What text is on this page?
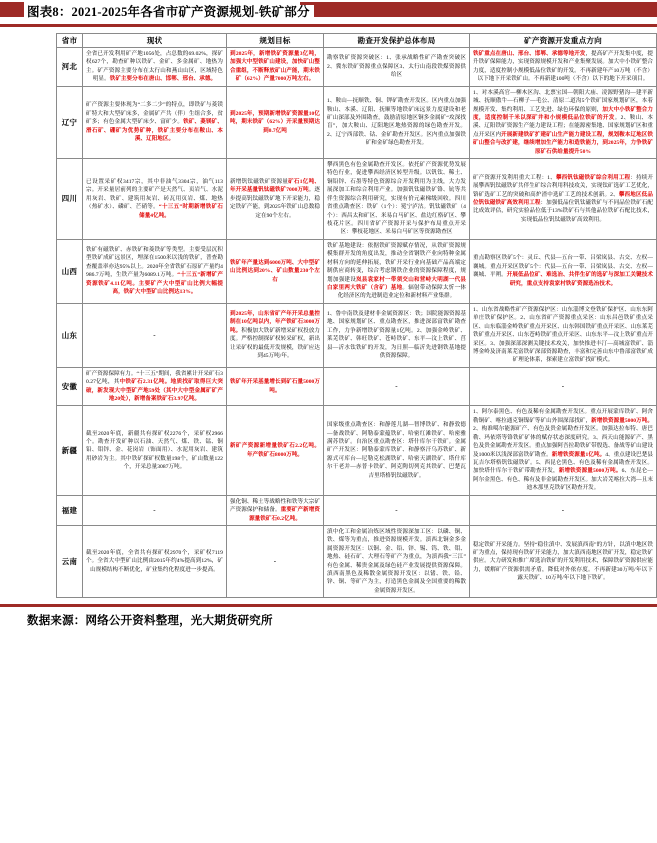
图表8：2021-2025年各省市矿产资源规划-铁矿部分
省市	现状	规划目标	勘查开发保护总体布局	矿产资源开发重点方向
河北	全省已开发利用矿产地1056处，占总数的69.02%，探矿权627个，勘查矿种以铁矿、金矿、多金属矿、地热为主。矿产资源主要分布在太行山和燕山山区，区域特色明显。铁矿主要分布在唐山、邯郸、邢台、承德。	到2025年，新增铁矿资源量3亿吨，加强大中型铁矿山建设，加快矿山整合重组，不断释放矿山产能，期末铁矿（62%）产量7000万吨左右。	勘察铁矿资源突破区：1、张承战略性矿产勘查突破区2、冀东铁矿资源重点保障区3、太行山南段铁煤资源供给区	铁矿重点在唐山、邢台、邯郸、承德等地开发，提高矿产开发集中度，提升铁矿保障能力，实现资源规模开发和产业集聚发展。加大中小铁矿整合力度，适度控制小规模低品位铁矿的开发。不再新建年产10万吨（不含）以下地下开采铁矿山。不再新建100吨（不含）以下的地下开采项目。
辽宁	矿产资源主要体现为“二多二少”的特点，即铁矿与菱镁矿特大和大型矿床多，金属矿产共（伴）生组合多，贫矿多；有色金属大型矿床少、富矿少。铁矿、菱镁矿、滑石矿、硼矿为优势矿种，铁矿主要分布在鞍山、本溪、辽阳地区。	到2025年，预期新增铁矿资源量10亿吨，期末铁矿（62%）开采量预期达到0.7亿吨	1、鞍山—抚顺铁、铜、钾矿勘查开发区。区内重点加强鞍山、本溪、辽阳、抚顺等地铁矿床远景力度建设和老矿山深部及外围勘查，鼓励清原地区铜多金属矿“攻深找盲”，加大鞍山、辽阳地区地热资源的绿色勘查开发。2、辽宁西部铁、钴、金矿勘查开发区。区内重点加强铁矿和金矿绿色勘查开发。	1、对本溪高官—柳木区沟、北票宝国—朝阳大庙、凌源野猪沟—建平新城、抚顺傲牛—石柳子—毛公、清原二道沟5个铁矿国家规划矿区，本着规模开发、集约利用、工艺先进、绿色环保的原则，加大中小铁矿整合力度，适度控制千米以深矿井和小规模低品位铁矿的开发。2、鞍山、本溪、辽阳铁矿资源生产能力建设工程；在能源密集地、国家规划矿区和重点开采区内开展新建铁矿扩建矿山生产能力建设工程，规划鞍本辽地区铁矿山整合与改扩建，继续增加生产能力和造铁能力，到2025年，力争铁矿原矿石供给量提升50%
四川	已设置采矿权3417宗，其中非油气3304宗，油气113宗。开采量居前列的主要矿产是天然气、页岩气、水泥用灰岩、铁矿、建筑用灰岩、砖瓦用页岩、煤、地热（热矿水）、磷矿、芒硝等。“十三五”时期新增铁矿石储量4亿吨。	新增钒钛磁铁矿资源量矿石1亿吨、年开采基量钒钛磁铁矿7000万吨。逐步提高钒钛磁铁矿地下开采能力，稳定铁矿产能，到2025年铁矿山总数稳定在90个左右。	攀西黑色有色金属勘查开发区。依托矿产资源优势发展特色行业，促进攀西经济区转型升级。以钒钛、稀土、铜铅锌、石墨等特色资源综合开发利用为主线，大力发展深加工和综合利用产业。加强钒钛磁铁矿铬、钪等共伴生资源综合利用研究，实现有价元素梯级回收。四川省重点勘查区：铁矿（1个）：冕宁泸沽。钒钛磁铁矿（4个）：西昌太和矿区、米易白马矿区、盐边红格矿区、攀枝花片区。四川省矿产资源开采与保护布局重点开采区：攀枝花地区、米易白马矿区等资源勘查区	矿产资源开发利用重大工程：1、攀西钒钛磁铁矿综合利用工程：持续开展攀西钒钛磁铁矿共伴生矿综合利用科技攻关，实现钛矿选矿工艺优化，铬矿选矿工艺的突破和高炉渣中选矿工艺的技术创新。2、攀西地区低品位钒钛磁铁矿高效利用工程：加强低品位钒钛磁铁矿与不同品位铁矿石配比成效评估，研究实验品位低于13%铁矿石与其他品位铁矿石配比技术，实现低品位钒钛磁铁矿高效利用。
山西	铁矿有磁铁矿、赤铁矿和菱铁矿等类型。主要受层沉积型铁矿成矿远景区，埋深在1500米以浅的铁矿，普查勘查覆盖率亦达95%以上。2020年全省铁矿石原矿产量约4986.7万吨，生铁产量为6089.1万吨。“十三五”新增矿产资源铁矿4.11亿吨。主要矿产大中型矿山比例大幅提高，铁矿大中型矿山比例达13%。	铁矿年产量达到6000万吨、大中型矿山比例达到20%、矿山数量230个左右	铁矿基地建设：依据铁矿资源赋存情况，从铁矿资源规模集群开发的角度出发，推动全省钢铁产业向特种金属材料方向的延伸拓展，铁矿开采行业向基础产品高端定制供应商转变，综合考虑钢铁企业的资源保障程度，规划加强建设岚县袁家村一带须交山和营峙大明湖一代县白家里两大铁矿（含矿）基地。辐射带动保障太忻一体化经济区的先进制造业定位和新材料产业集群。	重点勘察区铁矿5个：灵丘、代县—五台一带、吕梁岚县、古交、左权—襄城。重点开采区铁矿5个：代县—五台一带、吕梁岚县、古交、左权—襄城、平朔。开展低品位矿、难选冶、共伴生矿的选矿与深加工关键技术研究，重点支持袁家村铁矿资源选冶技术。
山东	-	到2025年，山东省矿产年开采总量控制在10亿吨以内，年产铁矿石3000万吨。积极加大铁矿新增采矿权投放力度。严格控制探矿权转采矿权，新出让采矿权的最低开发规模，铁矿应达到45万吨/年。	1、鲁中南铁及建材非金属资源区：铁；国院能源资源基地、国家规划矿区、重点勘查区，推进深部富铁矿勘查工作，力争新增铁矿资源量1亿吨。2、加强金岭铁矿、莱芜铁矿、韩旺铁矿、苍峙铁矿、东平—汶上铁矿、莒县—沂水钛铁矿的开发，为日照—临沂先进钢铁基地提供资源保障。	1、山东省战略性矿产资源保护区：山东淄博文登铁矿保护区、山东东阿单庄铁矿保护区。2、山东省矿产资源重点采区：山东昌邑铁矿重点采区、山东临淄金岭铁矿重点开采区、山东韩国铁矿重点开采区、山东莱芜铁矿重点开采区、山东苍峙铁矿重点开采区、山东东平—汶上铁矿重点开采区。3、加强深部深测关键技术攻关，加快推进丰汀—高城富铁矿、淄博金岭及济南莱芜富铁矿深部资源勘查，丰富和完善山东中鲁部富铁矿成矿理论体系，探索建立富铁矿找矿模式。
安徽	矿产资源保障有力。“十三五”期间，我省累计开采矿石30.27亿吨，其中铁矿石2.31亿吨。地质找矿取得巨大突破，新发现大中型矿产地59处（其中大中型金属矿矿产地20处），新增备案铁矿石3.97亿吨。	铁矿年开采基量增长到矿石量5000万吨。	-	-
新疆	截至2020年底，新疆共有探矿权2276个，采矿权2966个。勘查开发矿种以石油、天然气、煤、铁、锰、铜铅、钼锌、金、花岗岩（饰面用）、水泥用灰岩、建筑用砂岩为主。其中铁矿探矿权数量198个，矿山数量122个，开采总量3087万吨。	新矿产资源新增量铁矿石2.2亿吨。年产铁矿石8000万吨。	国家级重点勘查区：和静莲儿湖—智博铁矿、和静敦德—备战铁矿、阿勒泰蒙蕴铁矿、哈密红滩铁矿、哈密雅满苏铁矿。自治区重点勘查区：塔什库尔干铁矿。金属矿产开发区：阿勒泰蒙库铁矿、和静察汗乌苏铁矿、新源式可库台—尼勒克松湖铁矿、哈密天湖铁矿、塔什库尔干老并—赤普卡铁矿、阿克陶切列克其铁矿、巴楚瓦吉里塔格钒钛磁铁矿。	1、阿尔泰黑色、有色及稀有金属勘查开发区。重点开展蒙库铁矿、阿舍勒铜矿、喀拉通克铜镍矿等矿山外围深部找矿，新增铁资源量5000万吨。2、构准噶尔能源矿产、有色及贵金属勘查开发区。加强达拉布特、唐巴勒、玛依塔等铬铁矿矿体的赋存状态深度研究。3、西天山能源矿产、黑色及贵金属勘查开发区。重点加强阿吾拉勘铁矿带殷选、备战等矿山建设及1000米以浅深部富铁矿勘查。新增铁资源量1亿吨。4、重点建设巴楚县瓦吉尔塔格钒钛磁铁矿。5、西昆仑黑色、有色及稀有金属勘查开发区。加快塔什库尔干铁矿带勘查开发，新增铁资源量5000万吨。6、东昆仑—阿尔金黑色、有色、稀有及非金属勘查开发区。加大岩芜喀拉大湾—且末迪木那里克铁矿区勘查开发。
福建	-	强化铜、稀土等战略性和铁等大宗矿产资源保护和储备。重要矿产新增资源量铁矿石0.2亿吨。	-	-
云南	截至2020年底，全省共有探矿权2970个，采矿权7119个。全省大中型矿山比例由2015年约4%提高到12%，矿山规模结构不断优化，矿业集约化程度进一步提高。	-	滇中化工和金属冶炼区域性资源深加工区：以磷、铜、铁、煤等为重点，推进资源规模开发。滇西北铜金多金属资源开发区：以铜、金、铅、锌、锡、钨、铁、钼、地热、硅石矿、大理石等矿产为重点，为滇西我“三江”有色金属、稀贵金属及绿色硅产业发展提供资源保障。滇西南黑色及稀散金属资源开发区：以锗、铁、铅、锌、铜、等矿产为主，打造黑色金属及全国重要的稀散金属资源开发区。	稳定铁矿开采能力。坚持“稳住滇中、发展滇西南”的方针，以滇中地区铁矿为重点，保持现有铁矿开采能力，加大滇西南地区铁矿开发，稳定铁矿供应。大力研发和推广席选冶铁矿的开发利用技术，保障铁矿资源供应能力，缓解矿产资源供需矛盾，降低对外依存度。不再新建30万吨/年以下露天铁矿、10万吨/年以下地下铁矿。
数据来源：网络公开资料整理，光大期货研究所
